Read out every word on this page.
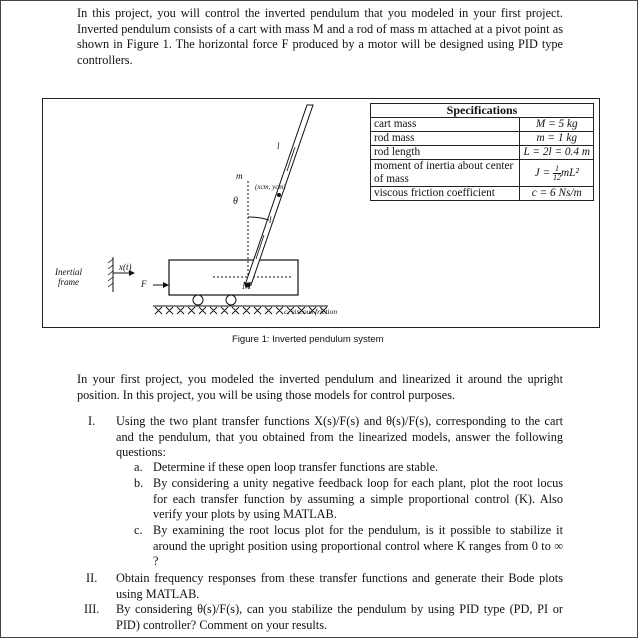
In this project, you will control the inverted pendulum that you modeled in your first project. Inverted pendulum consists of a cart with mass M and a rod of mass m attached at a pivot point as shown in Figure 1. The horizontal force F produced by a motor will be designed using PID type controllers.
Inertial
frame
x(t)
F	M
m
θ
(xcm, ycm)
l
l
c, viscous friction
Specifications	
cart mass	M = 5 kg
rod mass	m = 1 kg
rod length	L = 2l = 0.4 m
moment of inertia about center of mass	$J = \frac{1}{12} mL^2$
viscous friction coefficient	c = 6 Ns/m
Figure 1: Inverted pendulum system
In your first project, you modeled the inverted pendulum and linearized it around the upright position. In this project, you will be using those models for control purposes.
I. Using the two plant transfer functions X(s)/F(s) and θ(s)/F(s), corresponding to the cart and the pendulum, that you obtained from the linearized models, answer the following questions:
a. Determine if these open loop transfer functions are stable.
b. By considering a unity negative feedback loop for each plant, plot the root locus for each transfer function by assuming a simple proportional control (K). Also verify your plots by using MATLAB.
c. By examining the root locus plot for the pendulum, is it possible to stabilize it around the upright position using proportional control where K ranges from 0 to ∞ ?
II. Obtain frequency responses from these transfer functions and generate their Bode plots using MATLAB.
III. By considering θ(s)/F(s), can you stabilize the pendulum by using PID type (PD, PI or PID) controller? Comment on your results.
